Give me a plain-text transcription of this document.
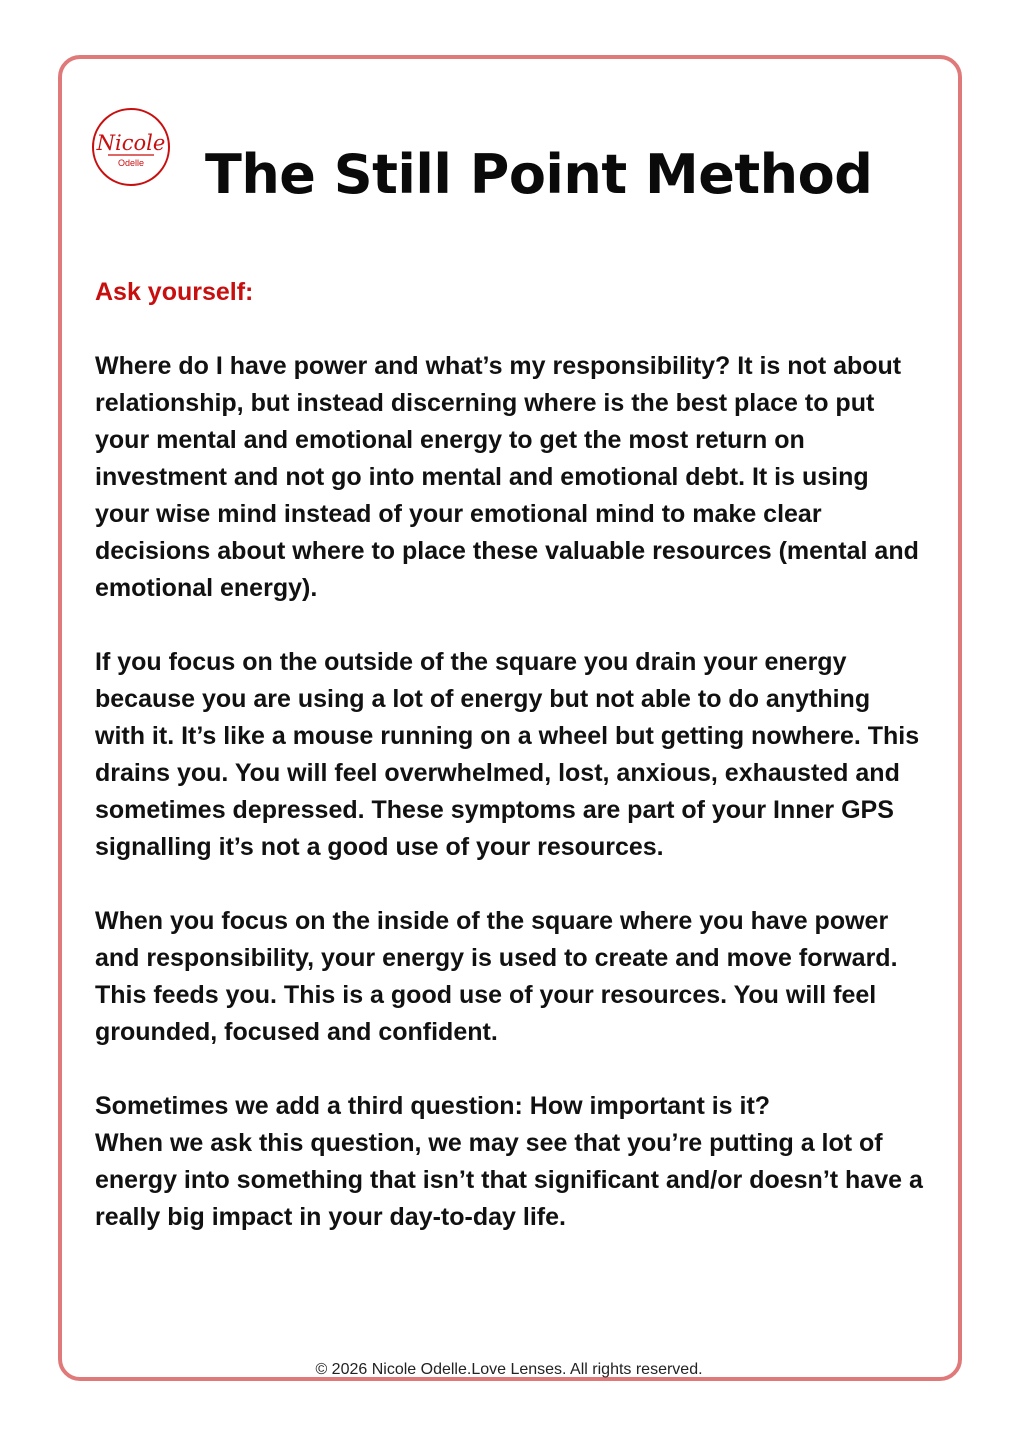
Nicole
Odelle The Still Point Method

Ask yourself:

Where do I have power and what’s my responsibility? It is not about relationship, but instead discerning where is the best place to put your mental and emotional energy to get the most return on investment and not go into mental and emotional debt. It is using your wise mind instead of your emotional mind to make clear decisions about where to place these valuable resources (mental and emotional energy).

If you focus on the outside of the square you drain your energy because you are using a lot of energy but not able to do anything with it. It’s like a mouse running on a wheel but getting nowhere. This drains you. You will feel overwhelmed, lost, anxious, exhausted and sometimes depressed. These symptoms are part of your Inner GPS signalling it’s not a good use of your resources.

When you focus on the inside of the square where you have power and responsibility, your energy is used to create and move forward. This feeds you. This is a good use of your resources. You will feel grounded, focused and confident.

Sometimes we add a third question: How important is it?

When we ask this question, we may see that you’re putting a lot of energy into something that isn’t that significant and/or doesn’t have a really big impact in your day-to-day life.

© 2026 Nicole Odelle.Love Lenses. All rights reserved.
